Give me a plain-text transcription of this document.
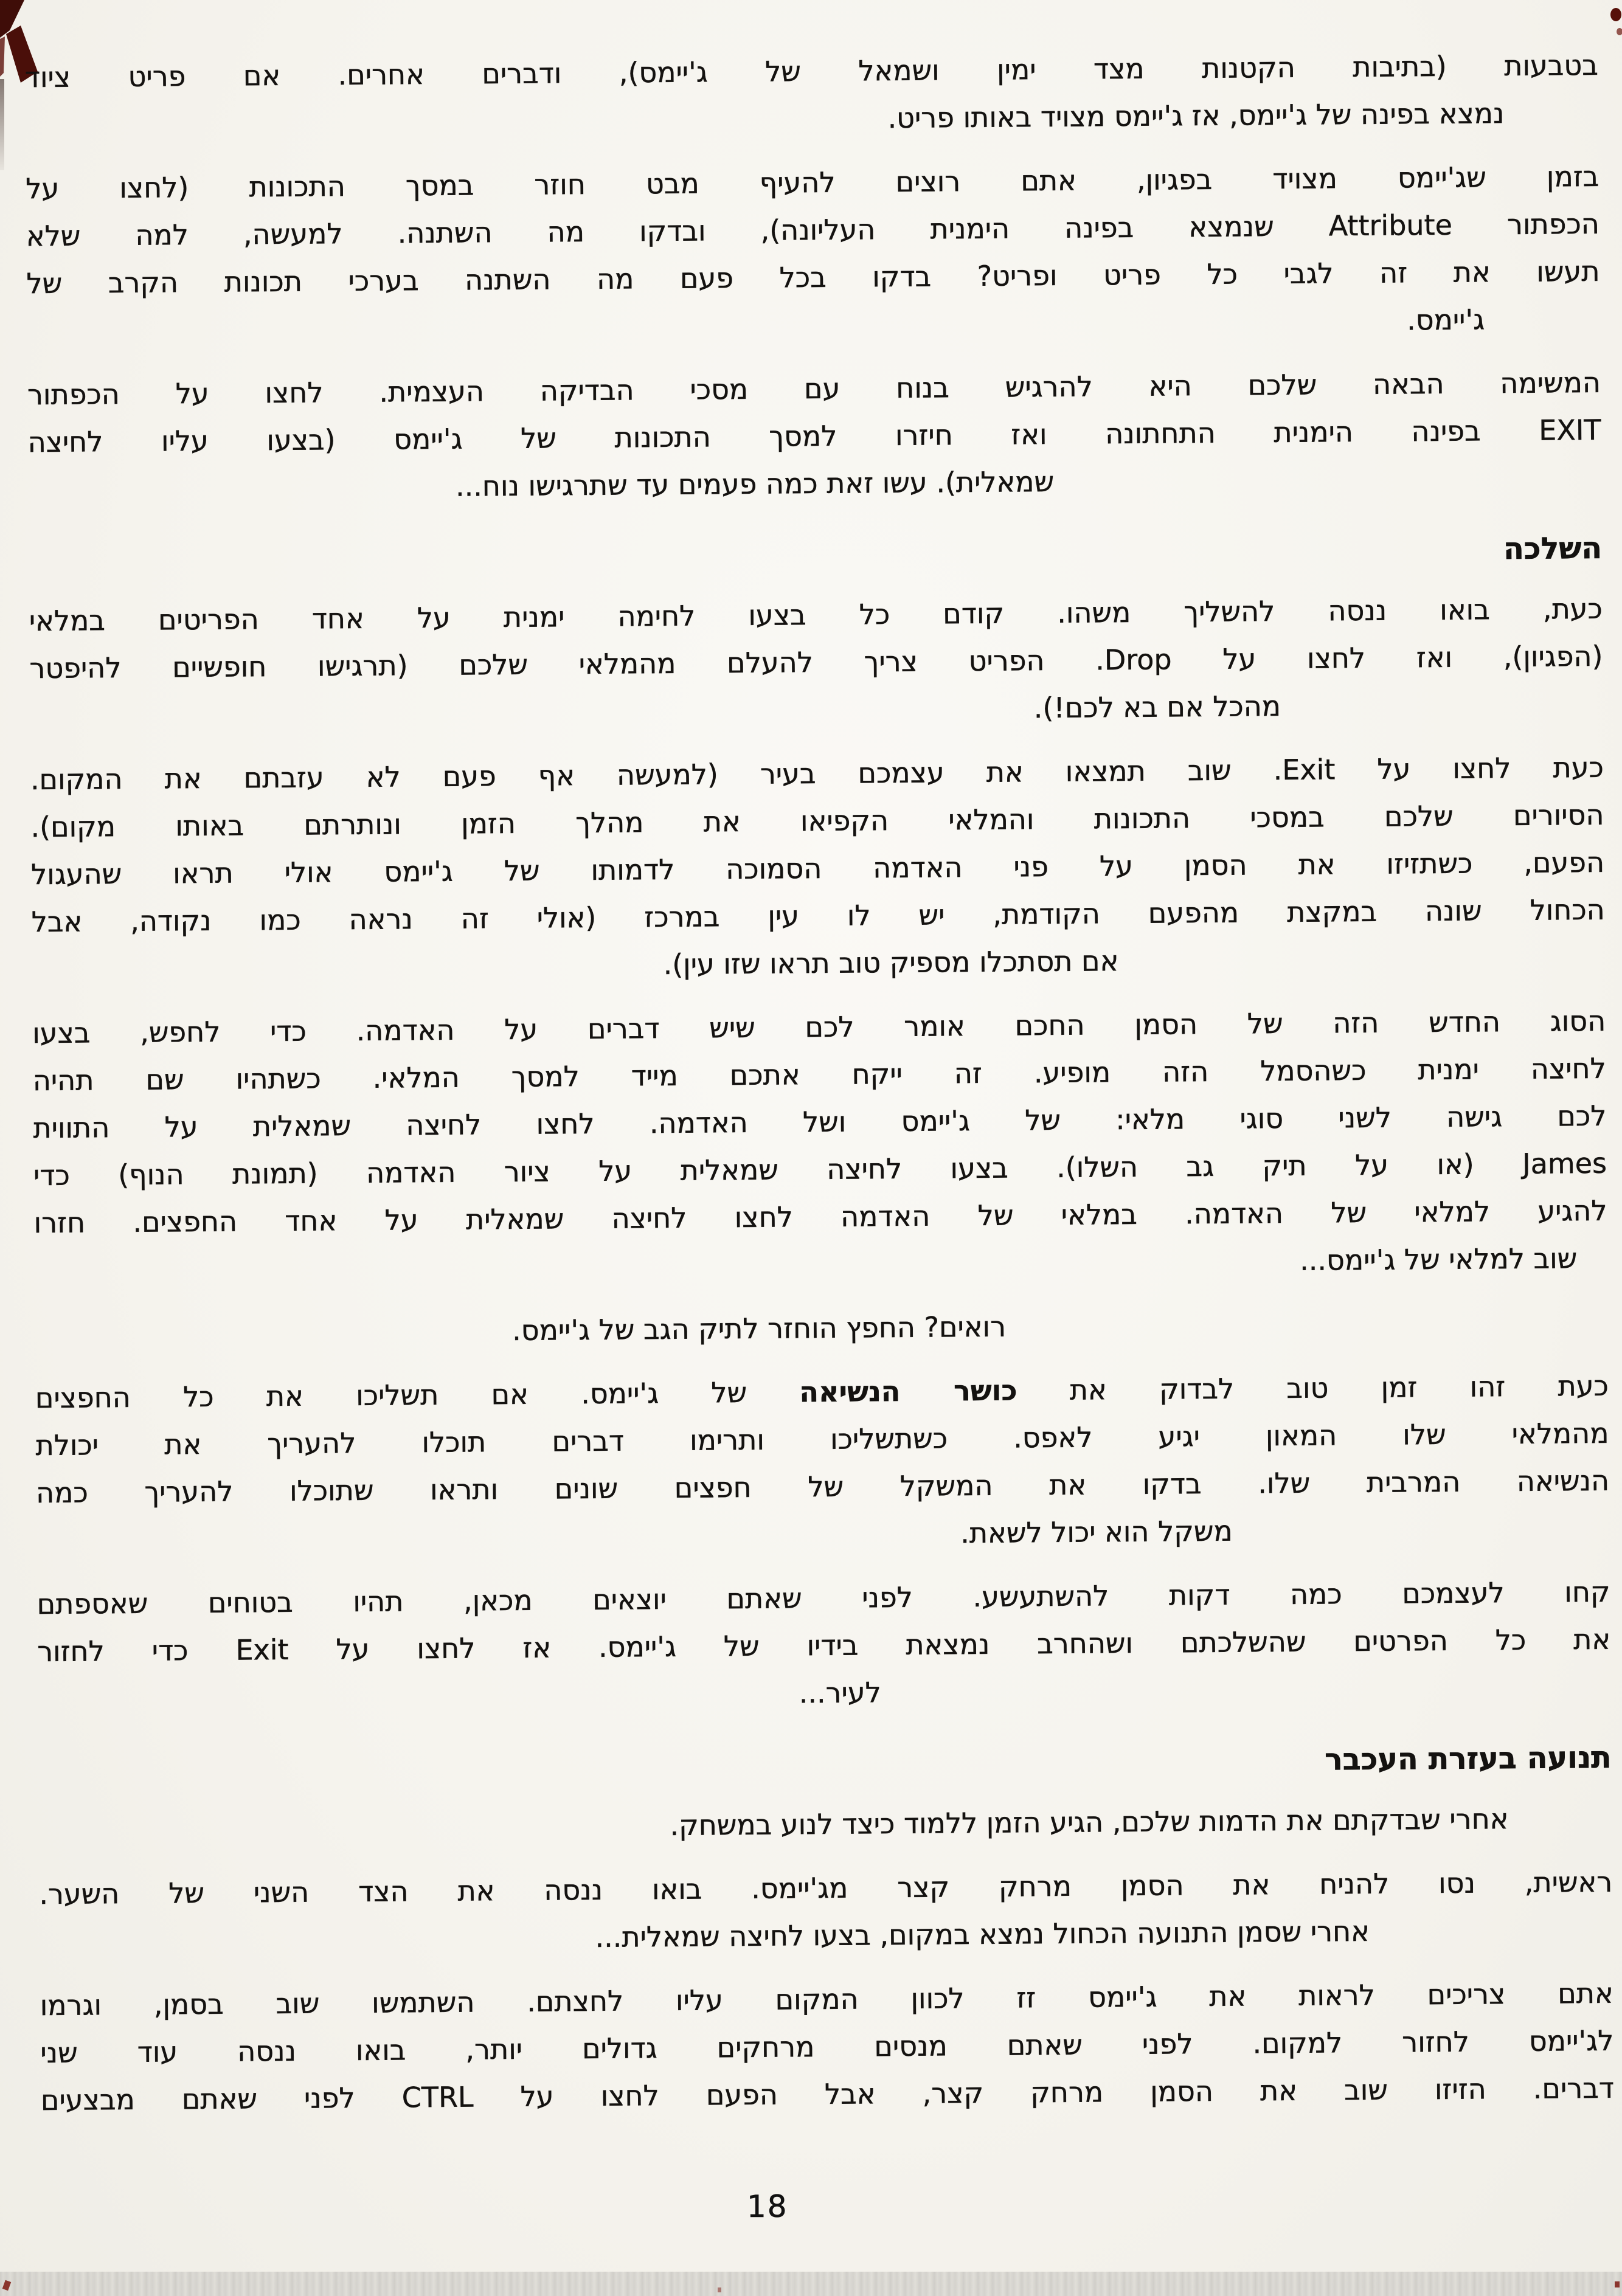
בטבעות (בתיבות הקטנות מצד ימין ושמאל של ג'יימס), ודברים אחרים. אם פריט ציוד
נמצא בפינה של ג'יימס, אז ג'יימס מצויד באותו פריט.
בזמן שג'יימס מצויד בפגיון, אתם רוצים להעיף מבט חוזר במסך התכונות (לחצו על
הכפתור Attribute שנמצא בפינה הימנית העליונה), ובדקו מה השתנה. למעשה, למה שלא
תעשו את זה לגבי כל פריט ופריט? בדקו בכל פעם מה השתנה בערכי תכונות הקרב של
ג'יימס.
המשימה הבאה שלכם היא להרגיש בנוח עם מסכי הבדיקה העצמית. לחצו על הכפתור
EXIT בפינה הימנית התחתונה ואז חיזרו למסך התכונות של ג'יימס (בצעו עליו לחיצה
שמאלית). עשו זאת כמה פעמים עד שתרגישו נוח...
השלכה
כעת, בואו ננסה להשליך משהו. קודם כל בצעו לחימה ימנית על אחד הפריטים במלאי
(הפגיון), ואז לחצו על Drop. הפריט צריך להעלם מהמלאי שלכם (תרגישו חופשיים להיפטר
מהכל אם בא לכם!).
כעת לחצו על Exit. שוב תמצאו את עצמכם בעיר (למעשה אף פעם לא עזבתם את המקום.
הסיורים שלכם במסכי התכונות והמלאי הקפיאו את מהלך הזמן ונותרתם באותו מקום).
הפעם, כשתזיזו את הסמן על פני האדמה הסמוכה לדמותו של ג'יימס אולי תראו שהעגול
הכחול שונה במקצת מהפעם הקודמת, יש לו עין במרכז (אולי זה נראה כמו נקודה, אבל
אם תסתכלו מספיק טוב תראו שזו עין).
הסוג החדש הזה של הסמן החכם אומר לכם שיש דברים על האדמה. כדי לחפש, בצעו
לחיצה ימנית כשהסמל הזה מופיע. זה ייקח אתכם מייד למסך המלאי. כשתהיו שם תהיה
לכם גישה לשני סוגי מלאי: של ג'יימס ושל האדמה. לחצו לחיצה שמאלית על התווית
James (או על תיק גב השלו). בצעו לחיצה שמאלית על ציור האדמה (תמונת הנוף) כדי
להגיע למלאי של האדמה. במלאי של האדמה לחצו לחיצה שמאלית על אחד החפצים. חזרו
שוב למלאי של ג'יימס...
רואים? החפץ הוחזר לתיק הגב של ג'יימס.
כעת זהו זמן טוב לבדוק את כושר הנשיאה של ג'יימס. אם תשליכו את כל החפצים
מהמלאי שלו המאון יגיע לאפס. כשתשליכו ותרימו דברים תוכלו להעריך את יכולת
הנשיאה המרבית שלו. בדקו את המשקל של חפצים שונים ותראו שתוכלו להעריך כמה
משקל הוא יכול לשאת.
קחו לעצמכם כמה דקות להשתעשע. לפני שאתם יוצאים מכאן, תהיו בטוחים שאספתם
את כל הפרטים שהשלכתם ושהחרב נמצאת בידיו של ג'יימס. אז לחצו על Exit כדי לחזור
לעיר...
תנועה בעזרת העכבר
אחרי שבדקתם את הדמות שלכם, הגיע הזמן ללמוד כיצד לנוע במשחק.
ראשית, נסו להניח את הסמן מרחק קצר מג'יימס. בואו ננסה את הצד השני של השער.
אחרי שסמן התנועה הכחול נמצא במקום, בצעו לחיצה שמאלית...
אתם צריכים לראות את ג'יימס זז לכוון המקום עליו לחצתם. השתמשו שוב בסמן, וגרמו
לג'יימס לחזור למקום. לפני שאתם מנסים מרחקים גדולים יותר, בואו ננסה עוד שני
דברים. הזיזו שוב את הסמן מרחק קצר, אבל הפעם לחצו על CTRL לפני שאתם מבצעים
18
